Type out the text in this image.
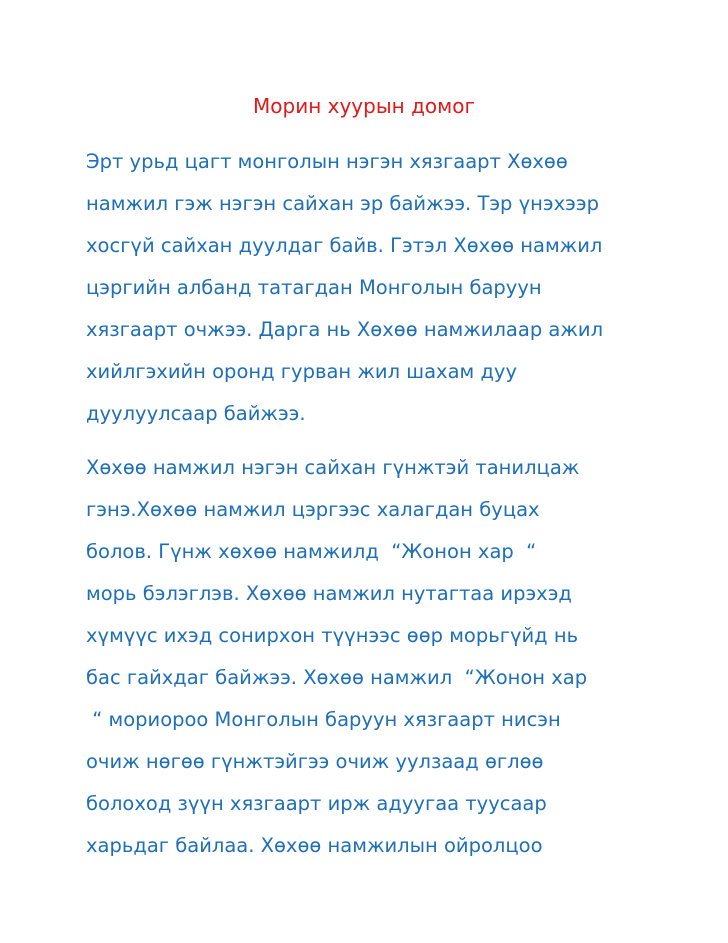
Морин хуурын домог
Эрт урьд цагт монголын нэгэн хязгаарт Хөхөө
намжил гэж нэгэн сайхан эр байжээ. Тэр үнэхээр
хосгүй сайхан дуулдаг байв. Гэтэл Хөхөө намжил
цэргийн албанд татагдан Монголын баруун
хязгаарт очжээ. Дарга нь Хөхөө намжилаар ажил
хийлгэхийн оронд гурван жил шахам дуу
дуулуулсаар байжээ.
Хөхөө намжил нэгэн сайхан гүнжтэй танилцаж
гэнэ.Хөхөө намжил цэргээс халагдан буцах
болов. Гүнж хөхөө намжилд  “Жонон хар  “
морь бэлэглэв. Хөхөө намжил нутагтаа ирэхэд
хүмүүс ихэд сонирхон түүнээс өөр морьгүйд нь
бас гайхдаг байжээ. Хөхөө намжил  “Жонон хар
“ мориороо Монголын баруун хязгаарт нисэн
очиж нөгөө гүнжтэйгээ очиж уулзаад өглөө
болоход зүүн хязгаарт ирж адуугаа туусаар
харьдаг байлаа. Хөхөө намжилын ойролцоо
